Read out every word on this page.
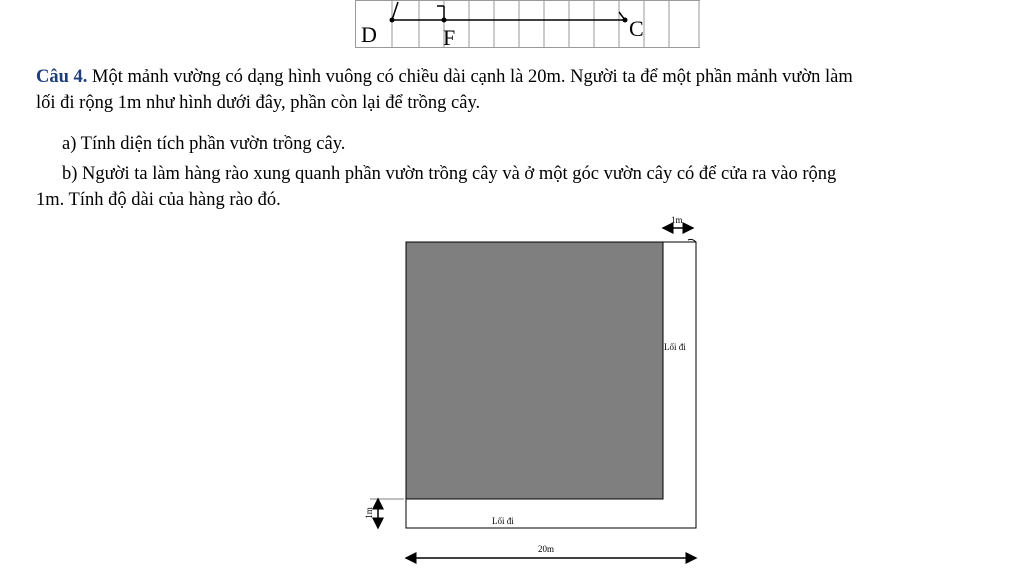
D	F	C
Câu 4. Một mảnh vường có dạng hình vuông có chiều dài cạnh là 20m. Người ta để một phần mảnh vườn làm
lối đi rộng 1m như hình dưới đây, phần còn lại để trồng cây.
a) Tính diện tích phần vườn trồng cây.
b) Người ta làm hàng rào xung quanh phần vườn trồng cây và ở một góc vườn cây có để cửa ra vào rộng
1m. Tính độ dài của hàng rào đó.
1m
Lối đi
Lối đi
1m
20m
